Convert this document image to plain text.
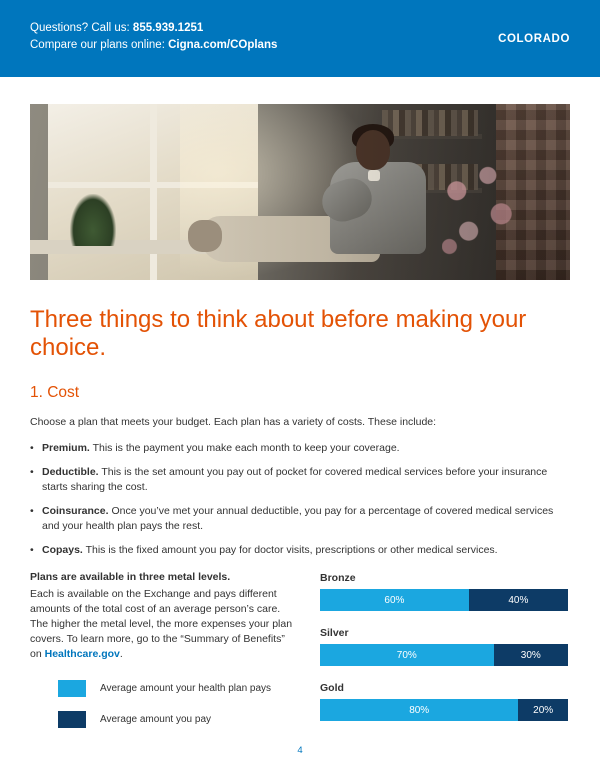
Questions? Call us: 855.939.1251
Compare our plans online: Cigna.com/COplans	COLORADO
Three things to think about before making your choice.
1. Cost

Choose a plan that meets your budget. Each plan has a variety of costs. These include:

• Premium. This is the payment you make each month to keep your coverage.
• Deductible. This is the set amount you pay out of pocket for covered medical services before your insurance starts sharing the cost.
• Coinsurance. Once you’ve met your annual deductible, you pay for a percentage of covered medical services and your health plan pays the rest.
• Copays. This is the fixed amount you pay for doctor visits, prescriptions or other medical services.
Plans are available in three metal levels.
Each is available on the Exchange and pays different amounts of the total cost of an average person’s care. The higher the metal level, the more expenses your plan covers. To learn more, go to the “Summary of Benefits” on Healthcare.gov.
Average amount your health plan pays
Average amount you pay
Bronze
60%	40%
Silver
70%	30%
Gold
80%	20%
4
